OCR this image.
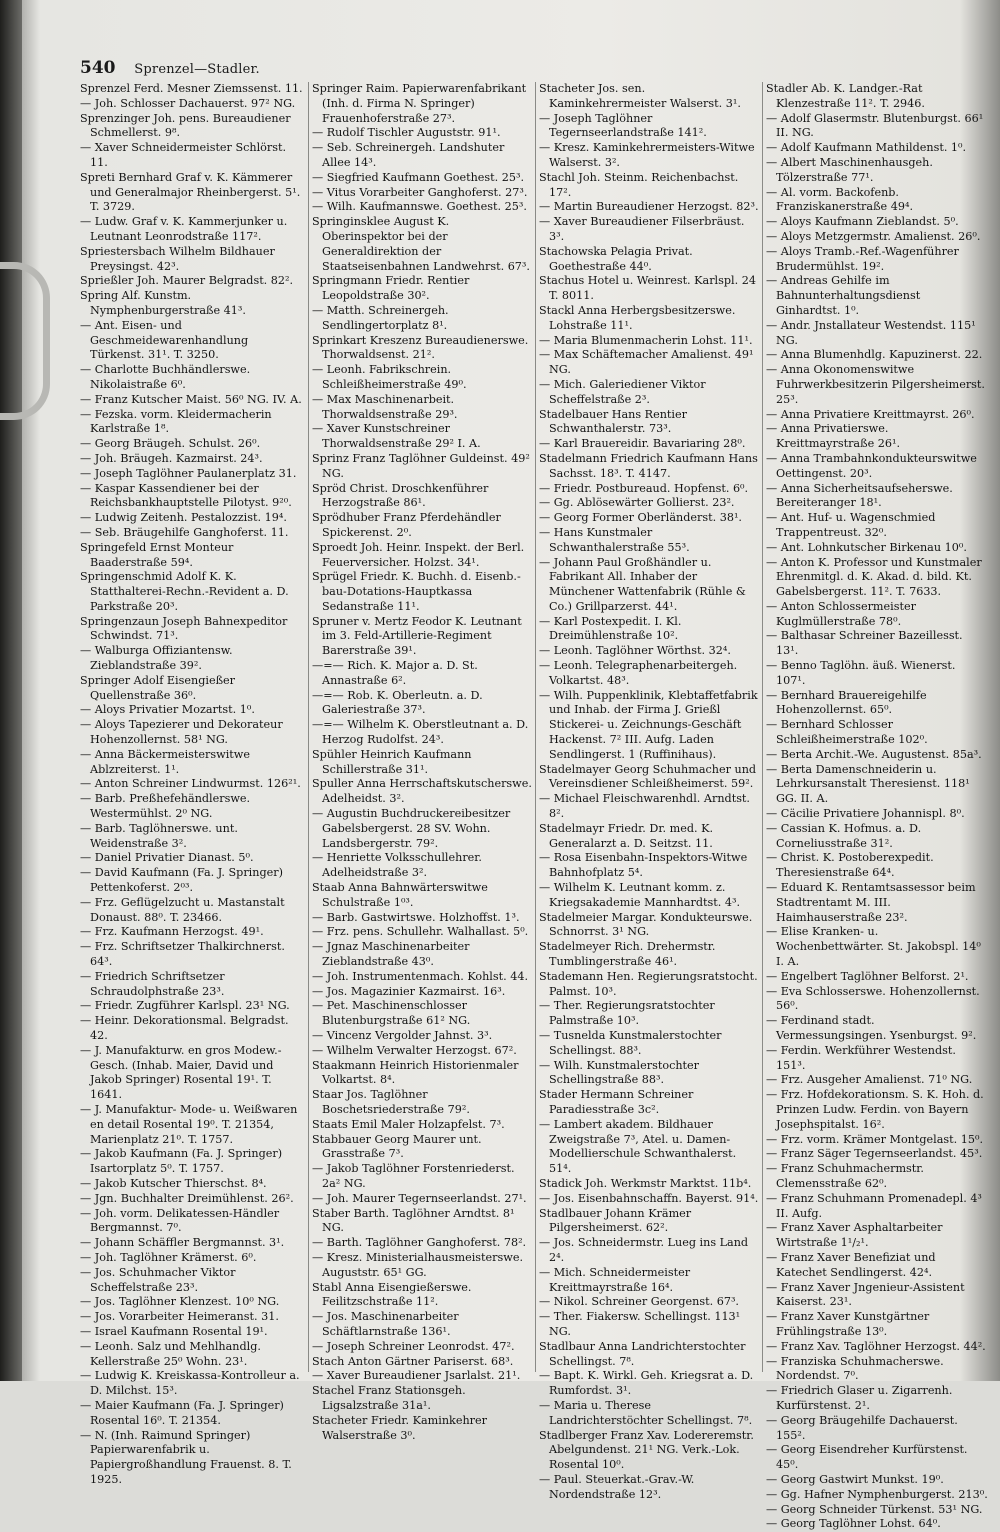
540 Sprenzel—Stadler.

Sprenzel Ferd. Mesner Ziemssenst. 11.

— Joh. Schlosser Dachauerst. 97² NG.

Sprenzinger Joh. pens. Bureaudiener Schmellerst. 9⁸.

— Xaver Schneidermeister Schlörst. 11.

Spreti Bernhard Graf v. K. Kämmerer und Generalmajor Rheinbergerst. 5¹. T. 3729.

— Ludw. Graf v. K. Kammerjunker u. Leutnant Leonrodstraße 117².

Spriestersbach Wilhelm Bildhauer Preysingst. 42³.

Sprießler Joh. Maurer Belgradst. 82².

Spring Alf. Kunstm. Nymphenburgerstraße 41³.

— Ant. Eisen- und Geschmeidewarenhandlung Türkenst. 31¹. T. 3250.

— Charlotte Buchhändlerswe. Nikolaistraße 6⁰.

— Franz Kutscher Maist. 56⁰ NG. IV. A.

— Fezska. vorm. Kleidermacherin Karlstraße 1⁸.

— Georg Bräugeh. Schulst. 26⁰.

— Joh. Bräugeh. Kazmairst. 24³.

— Joseph Taglöhner Paulanerplatz 31.

— Kaspar Kassendiener bei der Reichsbankhauptstelle Pilotyst. 9²⁰.

— Ludwig Zeitenh. Pestalozzist. 19⁴.

— Seb. Bräugehilfe Ganghoferst. 11.

Springefeld Ernst Monteur Baaderstraße 59⁴.

Springenschmid Adolf K. K. Statthalterei-Rechn.-Revident a. D. Parkstraße 20³.

Springenzaun Joseph Bahnexpeditor Schwindst. 71³.

— Walburga Offiziantensw. Zieblandstraße 39².

Springer Adolf Eisengießer Quellenstraße 36⁰.

— Aloys Privatier Mozartst. 1⁰.

— Aloys Tapezierer und Dekorateur Hohenzollernst. 58¹ NG.

— Anna Bäckermeisterswitwe Ablzreiterst. 1¹.

— Anton Schreiner Lindwurmst. 126²¹.

— Barb. Preßhefehändlerswe. Westermühlst. 2⁰ NG.

— Barb. Taglöhnerswe. unt. Weidenstraße 3².

— Daniel Privatier Dianast. 5⁰.

— David Kaufmann (Fa. J. Springer) Pettenkoferst. 2⁰³.

— Frz. Geflügelzucht u. Mastanstalt Donaust. 88⁰. T. 23466.

— Frz. Kaufmann Herzogst. 49¹.

— Frz. Schriftsetzer Thalkirchnerst. 64³.

— Friedrich Schriftsetzer Schraudolphstraße 23³.

— Friedr. Zugführer Karlspl. 23¹ NG.

— Heinr. Dekorationsmal. Belgradst. 42.

— J. Manufakturw. en gros Modew.-Gesch. (Inhab. Maier, David und Jakob Springer) Rosental 19¹. T. 1641.

— J. Manufaktur- Mode- u. Weißwaren en detail Rosental 19⁰. T. 21354, Marienplatz 21⁰. T. 1757.

— Jakob Kaufmann (Fa. J. Springer) Isartorplatz 5⁰. T. 1757.

— Jakob Kutscher Thierschst. 8⁴.

— Jgn. Buchhalter Dreimühlenst. 26².

— Joh. vorm. Delikatessen-Händler Bergmannst. 7⁰.

— Johann Schäffler Bergmannst. 3¹.

— Joh. Taglöhner Krämerst. 6⁰.

— Jos. Schuhmacher Viktor Scheffelstraße 23³.

— Jos. Taglöhner Klenzest. 10⁰ NG.

— Jos. Vorarbeiter Heimeranst. 31.

— Israel Kaufmann Rosental 19¹.

— Leonh. Salz und Mehlhandlg. Kellerstraße 25⁰ Wohn. 23¹.

— Ludwig K. Kreiskassa-Kontrolleur a. D. Milchst. 15³.

— Maier Kaufmann (Fa. J. Springer) Rosental 16⁰. T. 21354.

— N. (Inh. Raimund Springer) Papierwarenfabrik u. Papiergroßhandlung Frauenst. 8. T. 1925.

Springer Raim. Papierwarenfabrikant (Inh. d. Firma N. Springer) Frauenhoferstraße 27³.

— Rudolf Tischler Auguststr. 91¹.

— Seb. Schreinergeh. Landshuter Allee 14³.

— Siegfried Kaufmann Goethest. 25³.

— Vitus Vorarbeiter Ganghoferst. 27³.

— Wilh. Kaufmannswe. Goethest. 25³.

Springinsklee August K. Oberinspektor bei der Generaldirektion der Staatseisenbahnen Landwehrst. 67³.

Springmann Friedr. Rentier Leopoldstraße 30².

— Matth. Schreinergeh. Sendlingertorplatz 8¹.

Sprinkart Kreszenz Bureaudienerswe. Thorwaldsenst. 21².

— Leonh. Fabrikschrein. Schleißheimerstraße 49⁰.

— Max Maschinenarbeit. Thorwaldsenstraße 29³.

— Xaver Kunstschreiner Thorwaldsenstraße 29² I. A.

Sprinz Franz Taglöhner Guldeinst. 49² NG.

Spröd Christ. Droschkenführer Herzogstraße 86¹.

Sprödhuber Franz Pferdehändler Spickerenst. 2⁰.

Sproedt Joh. Heinr. Inspekt. der Berl. Feuerversicher. Holzst. 34¹.

Sprügel Friedr. K. Buchh. d. Eisenb.-bau-Dotations-Hauptkassa Sedanstraße 11¹.

Spruner v. Mertz Feodor K. Leutnant im 3. Feld-Artillerie-Regiment Barerstraße 39¹.

—=— Rich. K. Major a. D. St. Annastraße 6².

—=— Rob. K. Oberleutn. a. D. Galeriestraße 37³.

—=— Wilhelm K. Oberstleutnant a. D. Herzog Rudolfst. 24³.

Spühler Heinrich Kaufmann Schillerstraße 31¹.

Spuller Anna Herrschaftskutscherswe. Adelheidst. 3².

— Augustin Buchdruckereibesitzer Gabelsbergerst. 28 SV. Wohn. Landsbergerstr. 79².

— Henriette Volksschullehrer. Adelheidstraße 3².

Staab Anna Bahnwärterswitwe Schulstraße 1⁰³.

— Barb. Gastwirtswe. Holzhoffst. 1³.

— Frz. pens. Schullehr. Walhallast. 5⁰.

— Jgnaz Maschinenarbeiter Zieblandstraße 43⁰.

— Joh. Instrumentenmach. Kohlst. 44.

— Jos. Magazinier Kazmairst. 16³.

— Pet. Maschinenschlosser Blutenburgstraße 61² NG.

— Vincenz Vergolder Jahnst. 3³.

— Wilhelm Verwalter Herzogst. 67².

Staakmann Heinrich Historienmaler Volkartst. 8⁴.

Staar Jos. Taglöhner Boschetsriederstraße 79².

Staats Emil Maler Holzapfelst. 7³.

Stabbauer Georg Maurer unt. Grasstraße 7³.

— Jakob Taglöhner Forstenriederst. 2a² NG.

— Joh. Maurer Tegernseerlandst. 27¹.

Staber Barth. Taglöhner Arndtst. 8¹ NG.

— Barth. Taglöhner Ganghoferst. 78².

— Kresz. Ministerialhausmeisterswe. Auguststr. 65¹ GG.

Stabl Anna Eisengießerswe. Feilitzschstraße 11².

— Jos. Maschinenarbeiter Schäftlarnstraße 136¹.

— Joseph Schreiner Leonrodst. 47².

Stach Anton Gärtner Pariserst. 68³.

— Xaver Bureaudiener Jsarlalst. 21¹.

Stachel Franz Stationsgeh. Ligsalzstraße 31a¹.

Stacheter Friedr. Kaminkehrer Walserstraße 3⁰.

Stacheter Jos. sen. Kaminkehrermeister Walserst. 3¹.

— Joseph Taglöhner Tegernseerlandstraße 141².

— Kresz. Kaminkehrermeisters-Witwe Walserst. 3².

Stachl Joh. Steinm. Reichenbachst. 17².

— Martin Bureaudiener Herzogst. 82³.

— Xaver Bureaudiener Filserbräust. 3³.

Stachowska Pelagia Privat. Goethestraße 44⁰.

Stachus Hotel u. Weinrest. Karlspl. 24 T. 8011.

Stackl Anna Herbergsbesitzerswe. Lohstraße 11¹.

— Maria Blumenmacherin Lohst. 11¹.

— Max Schäftemacher Amalienst. 49¹ NG.

— Mich. Galeriediener Viktor Scheffelstraße 2³.

Stadelbauer Hans Rentier Schwanthalerstr. 73³.

— Karl Brauereidir. Bavariaring 28⁰.

Stadelmann Friedrich Kaufmann Hans Sachsst. 18³. T. 4147.

— Friedr. Postbureaud. Hopfenst. 6⁰.

— Gg. Ablösewärter Gollierst. 23².

— Georg Former Oberländerst. 38¹.

— Hans Kunstmaler Schwanthalerstraße 55³.

— Johann Paul Großhändler u. Fabrikant All. Inhaber der Münchener Wattenfabrik (Rühle & Co.) Grillparzerst. 44¹.

— Karl Postexpedit. I. Kl. Dreimühlenstraße 10².

— Leonh. Taglöhner Wörthst. 32⁴.

— Leonh. Telegraphenarbeitergeh. Volkartst. 48³.

— Wilh. Puppenklinik, Klebtaffetfabrik und Inhab. der Firma J. Grießl Stickerei- u. Zeichnungs-Geschäft Hackenst. 7² III. Aufg. Laden Sendlingerst. 1 (Ruffinihaus).

Stadelmayer Georg Schuhmacher und Vereinsdiener Schleißheimerst. 59².

— Michael Fleischwarenhdl. Arndtst. 8².

Stadelmayr Friedr. Dr. med. K. Generalarzt a. D. Seitzst. 11.

— Rosa Eisenbahn-Inspektors-Witwe Bahnhofplatz 5⁴.

— Wilhelm K. Leutnant komm. z. Kriegsakademie Mannhardtst. 4³.

Stadelmeier Margar. Kondukteurswe. Schnorrst. 3¹ NG.

Stadelmeyer Rich. Drehermstr. Tumblingerstraße 46¹.

Stademann Hen. Regierungsratstocht. Palmst. 10³.

— Ther. Regierungsratstochter Palmstraße 10³.

— Tusnelda Kunstmalerstochter Schellingst. 88³.

— Wilh. Kunstmalerstochter Schellingstraße 88³.

Stader Hermann Schreiner Paradiesstraße 3c².

— Lambert akadem. Bildhauer Zweigstraße 7³, Atel. u. Damen-Modellierschule Schwanthalerst. 51⁴.

Stadick Joh. Werkmstr Marktst. 11b⁴.

— Jos. Eisenbahnschaffn. Bayerst. 91⁴.

Stadlbauer Johann Krämer Pilgersheimerst. 62².

— Jos. Schneidermstr. Lueg ins Land 2⁴.

— Mich. Schneidermeister Kreittmayrstraße 16⁴.

— Nikol. Schreiner Georgenst. 67³.

— Ther. Fiakersw. Schellingst. 113¹ NG.

Stadlbaur Anna Landrichterstochter Schellingst. 7⁸.

— Bapt. K. Wirkl. Geh. Kriegsrat a. D. Rumfordst. 3¹.

— Maria u. Therese Landrichterstöchter Schellingst. 7⁸.

Stadlberger Franz Xav. Lodereremstr. Abelgundenst. 21¹ NG. Verk.-Lok. Rosental 10⁰.

— Paul. Steuerkat.-Grav.-W. Nordendstraße 12³.

Stadler Ab. K. Landger.-Rat Klenzestraße 11². T. 2946.

— Adolf Glasermstr. Blutenburgst. 66¹ II. NG.

— Adolf Kaufmann Mathildenst. 1⁰.

— Albert Maschinenhausgeh. Tölzerstraße 77¹.

— Al. vorm. Backofenb. Franziskanerstraße 49⁴.

— Aloys Kaufmann Zieblandst. 5⁰.

— Aloys Metzgermstr. Amalienst. 26⁰.

— Aloys Tramb.-Ref.-Wagenführer Brudermühlst. 19².

— Andreas Gehilfe im Bahnunterhaltungsdienst Ginhardtst. 1⁰.

— Andr. Jnstallateur Westendst. 115¹ NG.

— Anna Blumenhdlg. Kapuzinerst. 22.

— Anna Okonomenswitwe Fuhrwerkbesitzerin Pilgersheimerst. 25³.

— Anna Privatiere Kreittmayrst. 26⁰.

— Anna Privatierswe. Kreittmayrstraße 26¹.

— Anna Trambahnkondukteurswitwe Oettingenst. 20³.

— Anna Sicherheitsaufseherswe. Bereiteranger 18¹.

— Ant. Huf- u. Wagenschmied Trappentreust. 32⁰.

— Ant. Lohnkutscher Birkenau 10⁰.

— Anton K. Professor und Kunstmaler Ehrenmitgl. d. K. Akad. d. bild. Kt. Gabelsbergerst. 11². T. 7633.

— Anton Schlossermeister Kuglmüllerstraße 78⁰.

— Balthasar Schreiner Bazeillesst. 13¹.

— Benno Taglöhn. äuß. Wienerst. 107¹.

— Bernhard Brauereigehilfe Hohenzollernst. 65⁰.

— Bernhard Schlosser Schleißheimerstraße 102⁰.

— Berta Archit.-We. Augustenst. 85a³.

— Berta Damenschneiderin u. Lehrkursanstalt Theresienst. 118¹ GG. II. A.

— Cäcilie Privatiere Johannispl. 8⁰.

— Cassian K. Hofmus. a. D. Corneliusstraße 31².

— Christ. K. Postoberexpedit. Theresienstraße 64⁴.

— Eduard K. Rentamtsassessor beim Stadtrentamt M. III. Haimhauserstraße 23².

— Elise Kranken- u. Wochenbettwärter. St. Jakobspl. 14⁰ I. A.

— Engelbert Taglöhner Belforst. 2¹.

— Eva Schlosserswe. Hohenzollernst. 56⁰.

— Ferdinand stadt. Vermessungsingen. Ysenburgst. 9².

— Ferdin. Werkführer Westendst. 151³.

— Frz. Ausgeher Amalienst. 71⁰ NG.

— Frz. Hofdekorationsm. S. K. Hoh. d. Prinzen Ludw. Ferdin. von Bayern Josephspitalst. 16².

— Frz. vorm. Krämer Montgelast. 15⁰.

— Franz Säger Tegernseerlandst. 45³.

— Franz Schuhmachermstr. Clemensstraße 62⁰.

— Franz Schuhmann Promenadepl. 4³ II. Aufg.

— Franz Xaver Asphaltarbeiter Wirtstraße 1¹/₂¹.

— Franz Xaver Benefiziat und Katechet Sendlingerst. 42⁴.

— Franz Xaver Jngenieur-Assistent Kaiserst. 23¹.

— Franz Xaver Kunstgärtner Frühlingstraße 13⁰.

— Franz Xav. Taglöhner Herzogst. 44².

— Franziska Schuhmacherswe. Nordendst. 7⁰.

— Friedrich Glaser u. Zigarrenh. Kurfürstenst. 2¹.

— Georg Bräugehilfe Dachauerst. 155².

— Georg Eisendreher Kurfürstenst. 45⁰.

— Georg Gastwirt Munkst. 19⁰.

— Gg. Hafner Nymphenburgerst. 213⁰.

— Georg Schneider Türkenst. 53¹ NG.

— Georg Taglöhner Lohst. 64⁰.
